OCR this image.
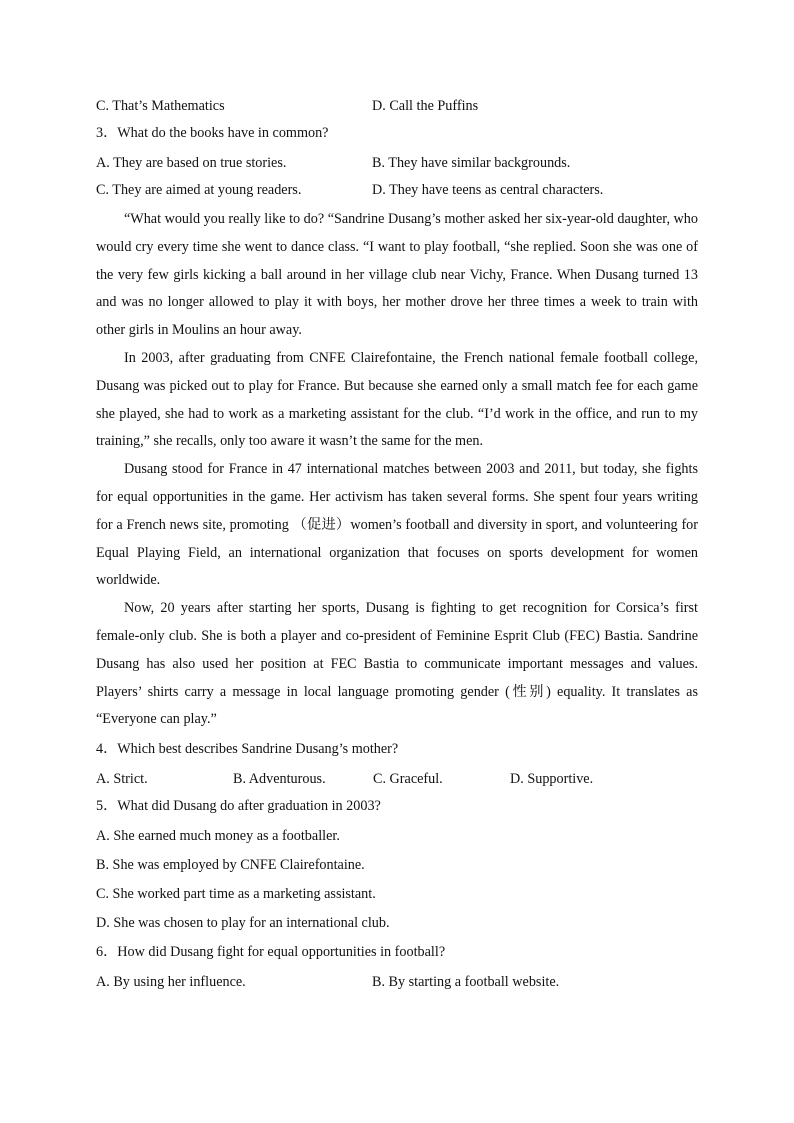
C. That’s Mathematics	D. Call the Puffins
3．What do the books have in common?
A. They are based on true stories.	B. They have similar backgrounds.
C. They are aimed at young readers.	D. They have teens as central characters.

“What would you really like to do? “Sandrine Dusang’s mother asked her six-year-old daughter, who would cry every time she went to dance class. “I want to play football, “she replied. Soon she was one of the very few girls kicking a ball around in her village club near Vichy, France. When Dusang turned 13 and was no longer allowed to play it with boys, her mother drove her three times a week to train with other girls in Moulins an hour away.

In 2003, after graduating from CNFE Clairefontaine, the French national female football college, Dusang was picked out to play for France. But because she earned only a small match fee for each game she played, she had to work as a marketing assistant for the club. “I’d work in the office, and run to my training,” she recalls, only too aware it wasn’t the same for the men.

Dusang stood for France in 47 international matches between 2003 and 2011, but today, she fights for equal opportunities in the game. Her activism has taken several forms. She spent four years writing for a French news site, promoting （促进）women’s football and diversity in sport, and volunteering for Equal Playing Field, an international organization that focuses on sports development for women worldwide.

Now, 20 years after starting her sports, Dusang is fighting to get recognition for Corsica’s first female-only club. She is both a player and co-president of Feminine Esprit Club (FEC) Bastia. Sandrine Dusang has also used her position at FEC Bastia to communicate important messages and values. Players’ shirts carry a message in local language promoting gender (性别) equality. It translates as “Everyone can play.”

4．Which best describes Sandrine Dusang’s mother?
A. Strict.	B. Adventurous.	C. Graceful.	D. Supportive.
5．What did Dusang do after graduation in 2003?
A. She earned much money as a footballer.
B. She was employed by CNFE Clairefontaine.
C. She worked part time as a marketing assistant.
D. She was chosen to play for an international club.
6．How did Dusang fight for equal opportunities in football?
A. By using her influence.	B. By starting a football website.
